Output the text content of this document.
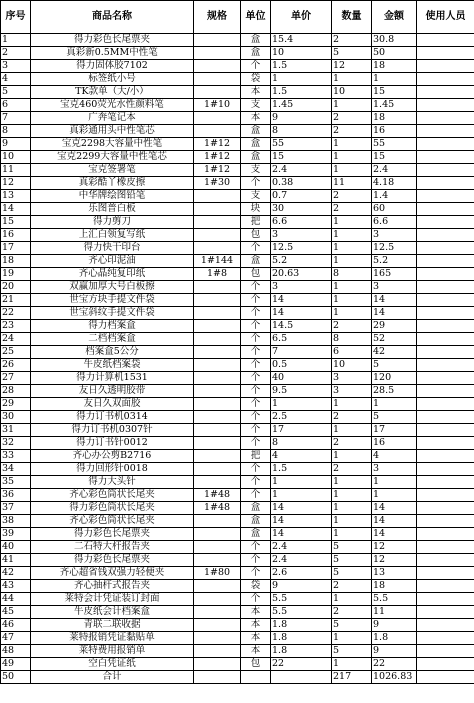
序号	商品名称	规格	单位	单价	数量	金额	使用人员
1	得力彩色长尾票夹		盒	15.4	2	30.8	
2	真彩新0.5MM中性笔		盒	10	5	50	
3	得力固体胶7102		个	1.5	12	18	
4	标签纸小号		袋	1	1	1	
5	TK款单（大/小）		本	1.5	10	15	
6	宝克460荧光水性颜料笔	1#10	支	1.45	1	1.45	
7	广奔笔记本		本	9	2	18	
8	真彩通用头中性笔芯		盒	8	2	16	
9	宝克2298大容量中性笔	1#12	盒	55	1	55	
10	宝克2299大容量中性笔芯	1#12	盒	15	1	15	
11	宝克签署笔	1#12	支	2.4	1	2.4	
12	真彩酷丫橡皮擦	1#30	个	0.38	11	4.18	
13	中华牌绘图铅笔		支	0.7	2	1.4	
14	乐图普白板		块	30	2	60	
15	得力剪刀		把	6.6	1	6.6	
16	上汇白领复写纸		包	3	1	3	
17	得力快干印台		个	12.5	1	12.5	
18	齐心印泥油	1#144	盒	5.2	1	5.2	
19	齐心晶纯复印纸	1#8	包	20.63	8	165	
20	双赢加厚大号白板擦		个	3	1	3	
21	世宝方块手提文件袋		个	14	1	14	
22	世宝斜纹手提文件袋		个	14	1	14	
23	得力档案盒		个	14.5	2	29	
24	二档档案盒		个	6.5	8	52	
25	档案盒5公分		个	7	6	42	
26	牛皮纸档案袋		个	0.5	10	5	
27	得力计算机1531		个	40	3	120	
28	友日久透明胶带		个	9.5	3	28.5	
29	友日久双面胶		个	1	1	1	
30	得力订书机0314		个	2.5	2	5	
31	得力订书机0307针		个	17	1	17	
32	得力订书针0012		个	8	2	16	
33	齐心办公剪B2716		把	4	1	4	
34	得力回形针0018		个	1.5	2	3	
35	得力大头针		个	1	1	1	
36	齐心彩色筒状长尾夹	1#48	个	1	1	1	
37	得力彩色筒状长尾夹	1#48	盒	14	1	14	
38	齐心彩色筒状长尾夹		盒	14	1	14	
39	得力彩色长尾票夹		盒	14	1	14	
40	二石特大杆报告夹		个	2.4	5	12	
41	得力彩色长尾票夹		个	2.4	5	12	
42	齐心超省钱双强力轻便夹	1#80	个	2.6	5	13	
43	齐心抽杆式报告夹		袋	9	2	18	
44	莱特会计凭证装订封面		个	5.5	1	5.5	
45	牛皮纸会计档案盒		本	5.5	2	11	
46	青联二联收据		本	1.8	5	9	
47	莱特报销凭证黏贴单		本	1.8	1	1.8	
48	莱特费用报销单		本	1.8	5	9	
49	空白凭证纸		包	22	1	22	
50	合计				217	1026.83	
